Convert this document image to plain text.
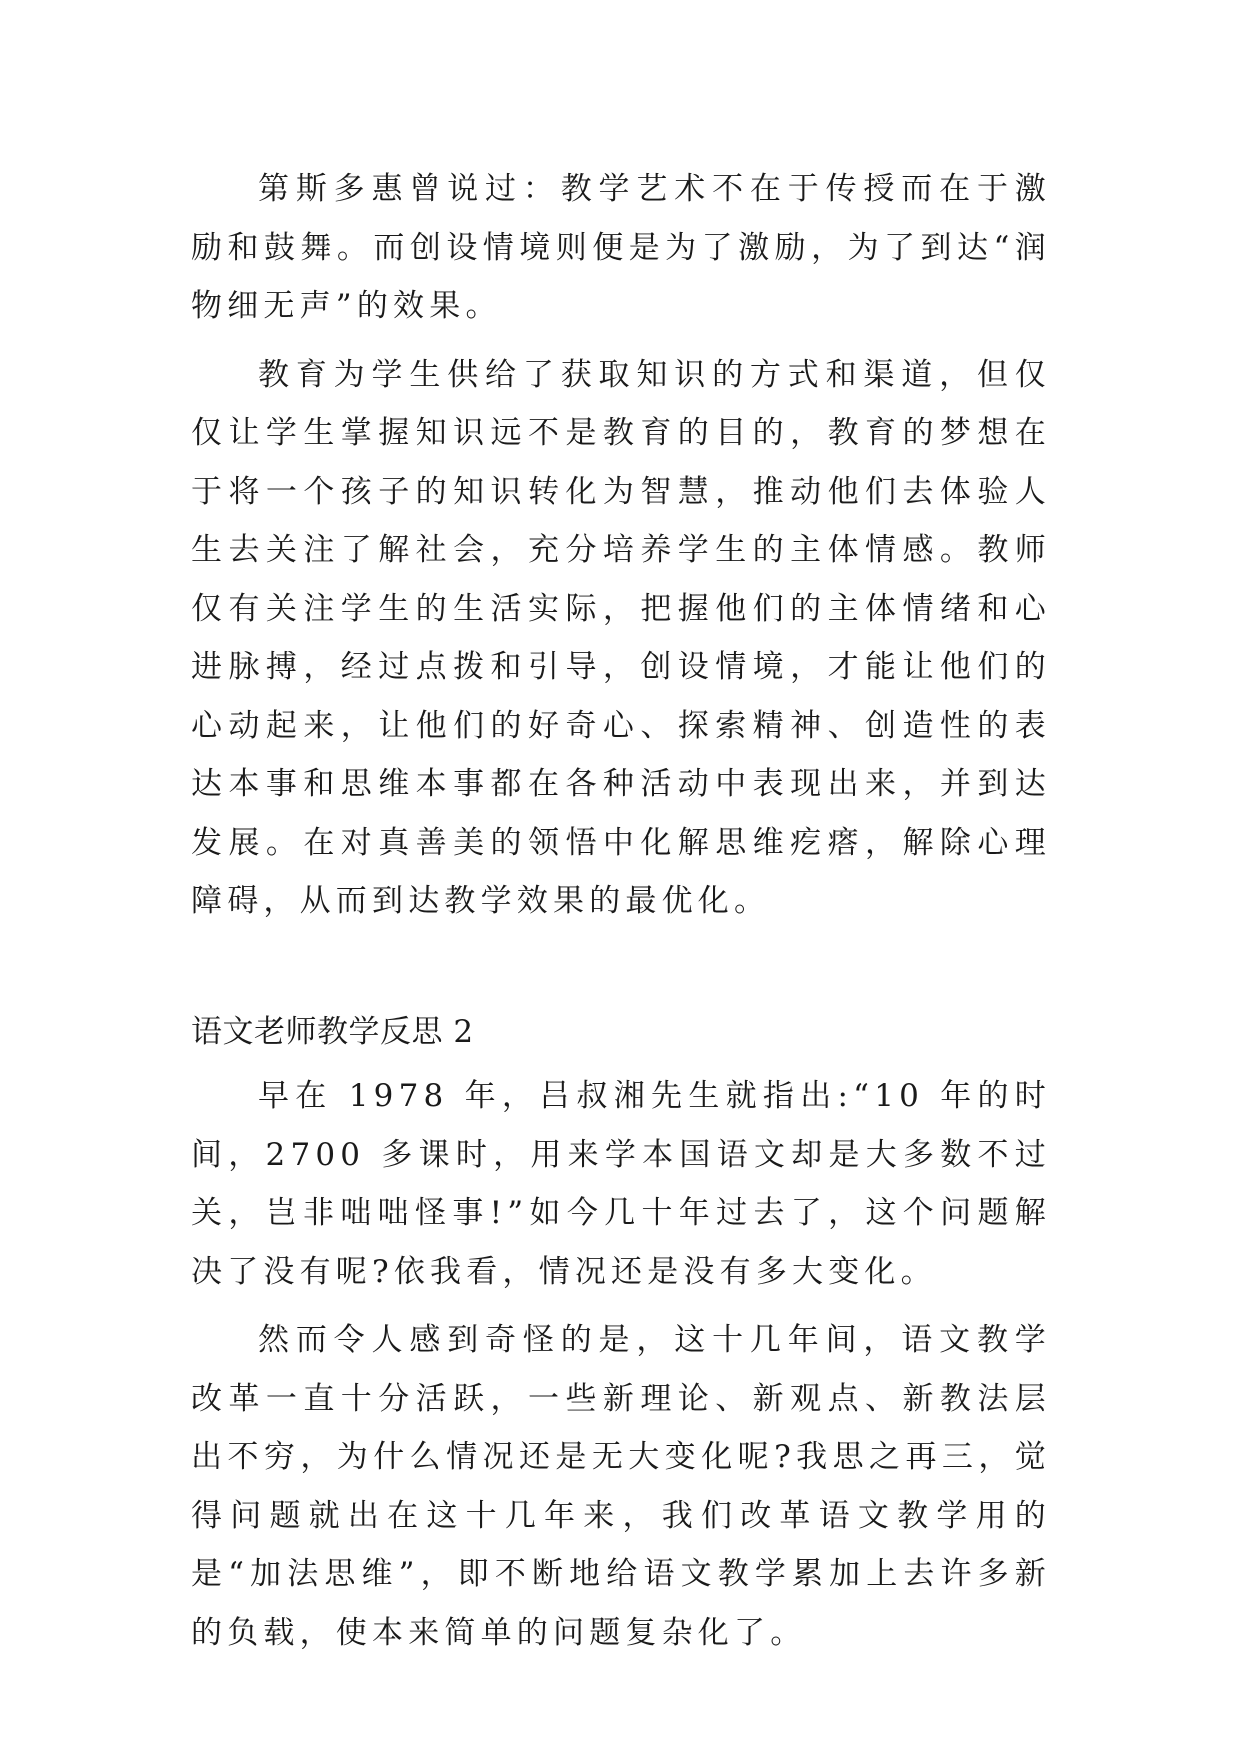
第斯多惠曾说过：教学艺术不在于传授而在于激励和鼓舞。而创设情境则便是为了激励，为了到达“润物细无声”的效果。

教育为学生供给了获取知识的方式和渠道，但仅仅让学生掌握知识远不是教育的目的，教育的梦想在于将一个孩子的知识转化为智慧，推动他们去体验人生去关注了解社会，充分培养学生的主体情感。教师仅有关注学生的生活实际，把握他们的主体情绪和心进脉搏，经过点拨和引导，创设情境，才能让他们的心动起来，让他们的好奇心、探索精神、创造性的表达本事和思维本事都在各种活动中表现出来，并到达发展。在对真善美的领悟中化解思维疙瘩，解除心理障碍，从而到达教学效果的最优化。

语文老师教学反思 2

早在 1978 年，吕叔湘先生就指出:“10 年的时间，2700 多课时，用来学本国语文却是大多数不过关，岂非咄咄怪事!”如今几十年过去了，这个问题解决了没有呢?依我看，情况还是没有多大变化。

然而令人感到奇怪的是，这十几年间，语文教学改革一直十分活跃，一些新理论、新观点、新教法层出不穷，为什么情况还是无大变化呢?我思之再三，觉得问题就出在这十几年来，我们改革语文教学用的是“加法思维”，即不断地给语文教学累加上去许多新的负载，使本来简单的问题复杂化了。
